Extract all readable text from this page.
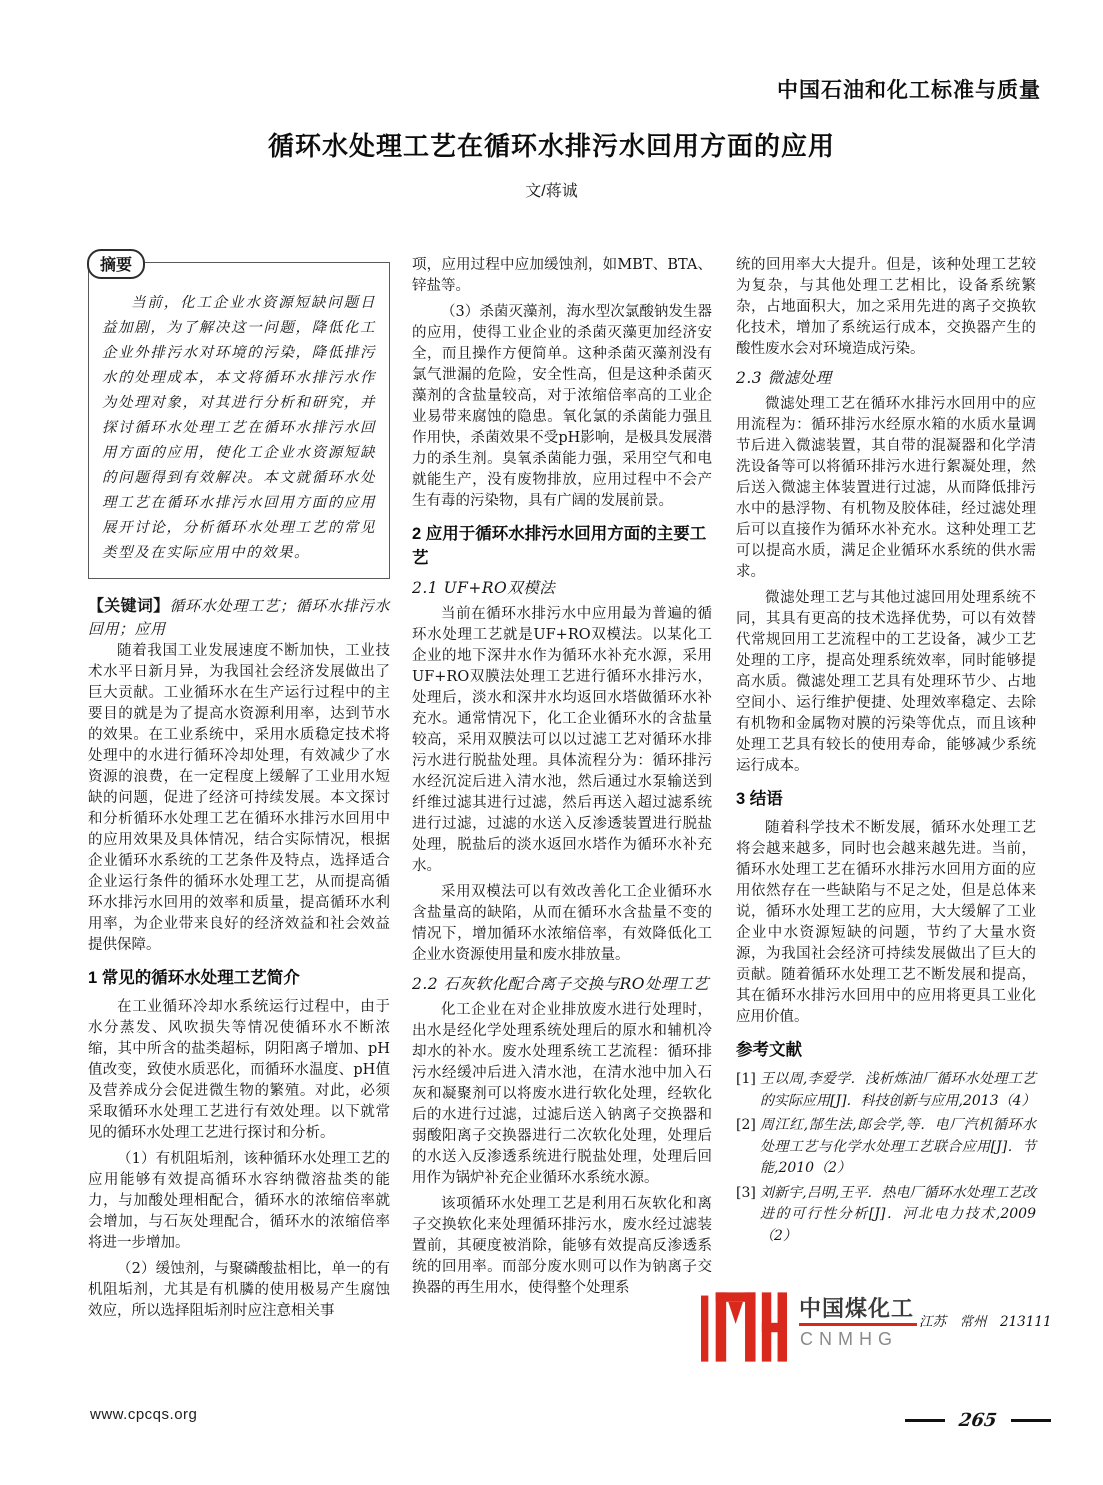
中国石油和化工标准与质量
循环水处理工艺在循环水排污水回用方面的应用
文/蒋诚
摘要

当前，化工企业水资源短缺问题日益加剧，为了解决这一问题，降低化工企业外排污水对环境的污染，降低排污水的处理成本，本文将循环水排污水作为处理对象，对其进行分析和研究，并探讨循环水处理工艺在循环水排污水回用方面的应用，使化工企业水资源短缺的问题得到有效解决。本文就循环水处理工艺在循环水排污水回用方面的应用展开讨论，分析循环水处理工艺的常见类型及在实际应用中的效果。

【关键词】循环水处理工艺；循环水排污水回用；应用

随着我国工业发展速度不断加快，工业技术水平日新月异，为我国社会经济发展做出了巨大贡献。工业循环水在生产运行过程中的主要目的就是为了提高水资源利用率，达到节水的效果。在工业系统中，采用水质稳定技术将处理中的水进行循环冷却处理，有效减少了水资源的浪费，在一定程度上缓解了工业用水短缺的问题，促进了经济可持续发展。本文探讨和分析循环水处理工艺在循环水排污水回用中的应用效果及具体情况，结合实际情况，根据企业循环水系统的工艺条件及特点，选择适合企业运行条件的循环水处理工艺，从而提高循环水排污水回用的效率和质量，提高循环水利用率，为企业带来良好的经济效益和社会效益提供保障。

1 常见的循环水处理工艺简介

在工业循环冷却水系统运行过程中，由于水分蒸发、风吹损失等情况使循环水不断浓缩，其中所含的盐类超标，阴阳离子增加、pH值改变，致使水质恶化，而循环水温度、pH值及营养成分会促进微生物的繁殖。对此，必须采取循环水处理工艺进行有效处理。以下就常见的循环水处理工艺进行探讨和分析。

（1）有机阻垢剂，该种循环水处理工艺的应用能够有效提高循环水容纳微溶盐类的能力，与加酸处理相配合，循环水的浓缩倍率就会增加，与石灰处理配合，循环水的浓缩倍率将进一步增加。

（2）缓蚀剂，与聚磷酸盐相比，单一的有机阻垢剂，尤其是有机膦的使用极易产生腐蚀效应，所以选择阻垢剂时应注意相关事

项，应用过程中应加缓蚀剂，如MBT、BTA、锌盐等。

（3）杀菌灭藻剂，海水型次氯酸钠发生器的应用，使得工业企业的杀菌灭藻更加经济安全，而且操作方便简单。这种杀菌灭藻剂没有氯气泄漏的危险，安全性高，但是这种杀菌灭藻剂的含盐量较高，对于浓缩倍率高的工业企业易带来腐蚀的隐患。氧化氯的杀菌能力强且作用快，杀菌效果不受pH影响，是极具发展潜力的杀生剂。臭氧杀菌能力强，采用空气和电就能生产，没有废物排放，应用过程中不会产生有毒的污染物，具有广阔的发展前景。

2 应用于循环水排污水回用方面的主要工艺
2.1 UF+RO双模法

当前在循环水排污水中应用最为普遍的循环水处理工艺就是UF+RO双模法。以某化工企业的地下深井水作为循环水补充水源，采用UF+RO双膜法处理工艺进行循环水排污水，处理后，淡水和深井水均返回水塔做循环水补充水。通常情况下，化工企业循环水的含盐量较高，采用双膜法可以以过滤工艺对循环水排污水进行脱盐处理。具体流程分为：循环排污水经沉淀后进入清水池，然后通过水泵输送到纤维过滤其进行过滤，然后再送入超过滤系统进行过滤，过滤的水送入反渗透装置进行脱盐处理，脱盐后的淡水返回水塔作为循环水补充水。

采用双模法可以有效改善化工企业循环水含盐量高的缺陷，从而在循环水含盐量不变的情况下，增加循环水浓缩倍率，有效降低化工企业水资源使用量和废水排放量。

2.2 石灰软化配合离子交换与RO处理工艺

化工企业在对企业排放废水进行处理时，出水是经化学处理系统处理后的原水和辅机冷却水的补水。废水处理系统工艺流程：循环排污水经缓冲后进入清水池，在清水池中加入石灰和凝聚剂可以将废水进行软化处理，经软化后的水进行过滤，过滤后送入钠离子交换器和弱酸阳离子交换器进行二次软化处理，处理后的水送入反渗透系统进行脱盐处理，处理后回用作为锅炉补充企业循环水系统水源。

该项循环水处理工艺是利用石灰软化和离子交换软化来处理循环排污水，废水经过滤装置前，其硬度被消除，能够有效提高反渗透系统的回用率。而部分废水则可以作为钠离子交换器的再生用水，使得整个处理系

统的回用率大大提升。但是，该种处理工艺较为复杂，与其他处理工艺相比，设备系统繁杂，占地面积大，加之采用先进的离子交换软化技术，增加了系统运行成本，交换器产生的酸性废水会对环境造成污染。

2.3 微滤处理

微滤处理工艺在循环水排污水回用中的应用流程为：循环排污水经原水箱的水质水量调节后进入微滤装置，其自带的混凝器和化学清洗设备等可以将循环排污水进行絮凝处理，然后送入微滤主体装置进行过滤，从而降低排污水中的悬浮物、有机物及胶体硅，经过滤处理后可以直接作为循环水补充水。这种处理工艺可以提高水质，满足企业循环水系统的供水需求。

微滤处理工艺与其他过滤回用处理系统不同，其具有更高的技术选择优势，可以有效替代常规回用工艺流程中的工艺设备，减少工艺处理的工序，提高处理系统效率，同时能够提高水质。微滤处理工艺具有处理环节少、占地空间小、运行维护便捷、处理效率稳定、去除有机物和金属物对膜的污染等优点，而且该种处理工艺具有较长的使用寿命，能够减少系统运行成本。

3 结语

随着科学技术不断发展，循环水处理工艺将会越来越多，同时也会越来越先进。当前，循环水处理工艺在循环水排污水回用方面的应用依然存在一些缺陷与不足之处，但是总体来说，循环水处理工艺的应用，大大缓解了工业企业中水资源短缺的问题，节约了大量水资源，为我国社会经济可持续发展做出了巨大的贡献。随着循环水处理工艺不断发展和提高，其在循环水排污水回用中的应用将更具工业化应用价值。

参考文献
[1] 王以周,李爱学．浅析炼油厂循环水处理工艺的实际应用[J]．科技创新与应用,2013（4）
[2] 周江红,郜生法,郎会学,等．电厂汽机循环水处理工艺与化学水处理工艺联合应用[J]．节能,2010（2）
[3] 刘新宇,吕明,王平．热电厂循环水处理工艺改进的可行性分析[J]．河北电力技术,2009（2）
中国煤化工
CNMHG
江苏　常州　213111
www.cpcqs.org	265
